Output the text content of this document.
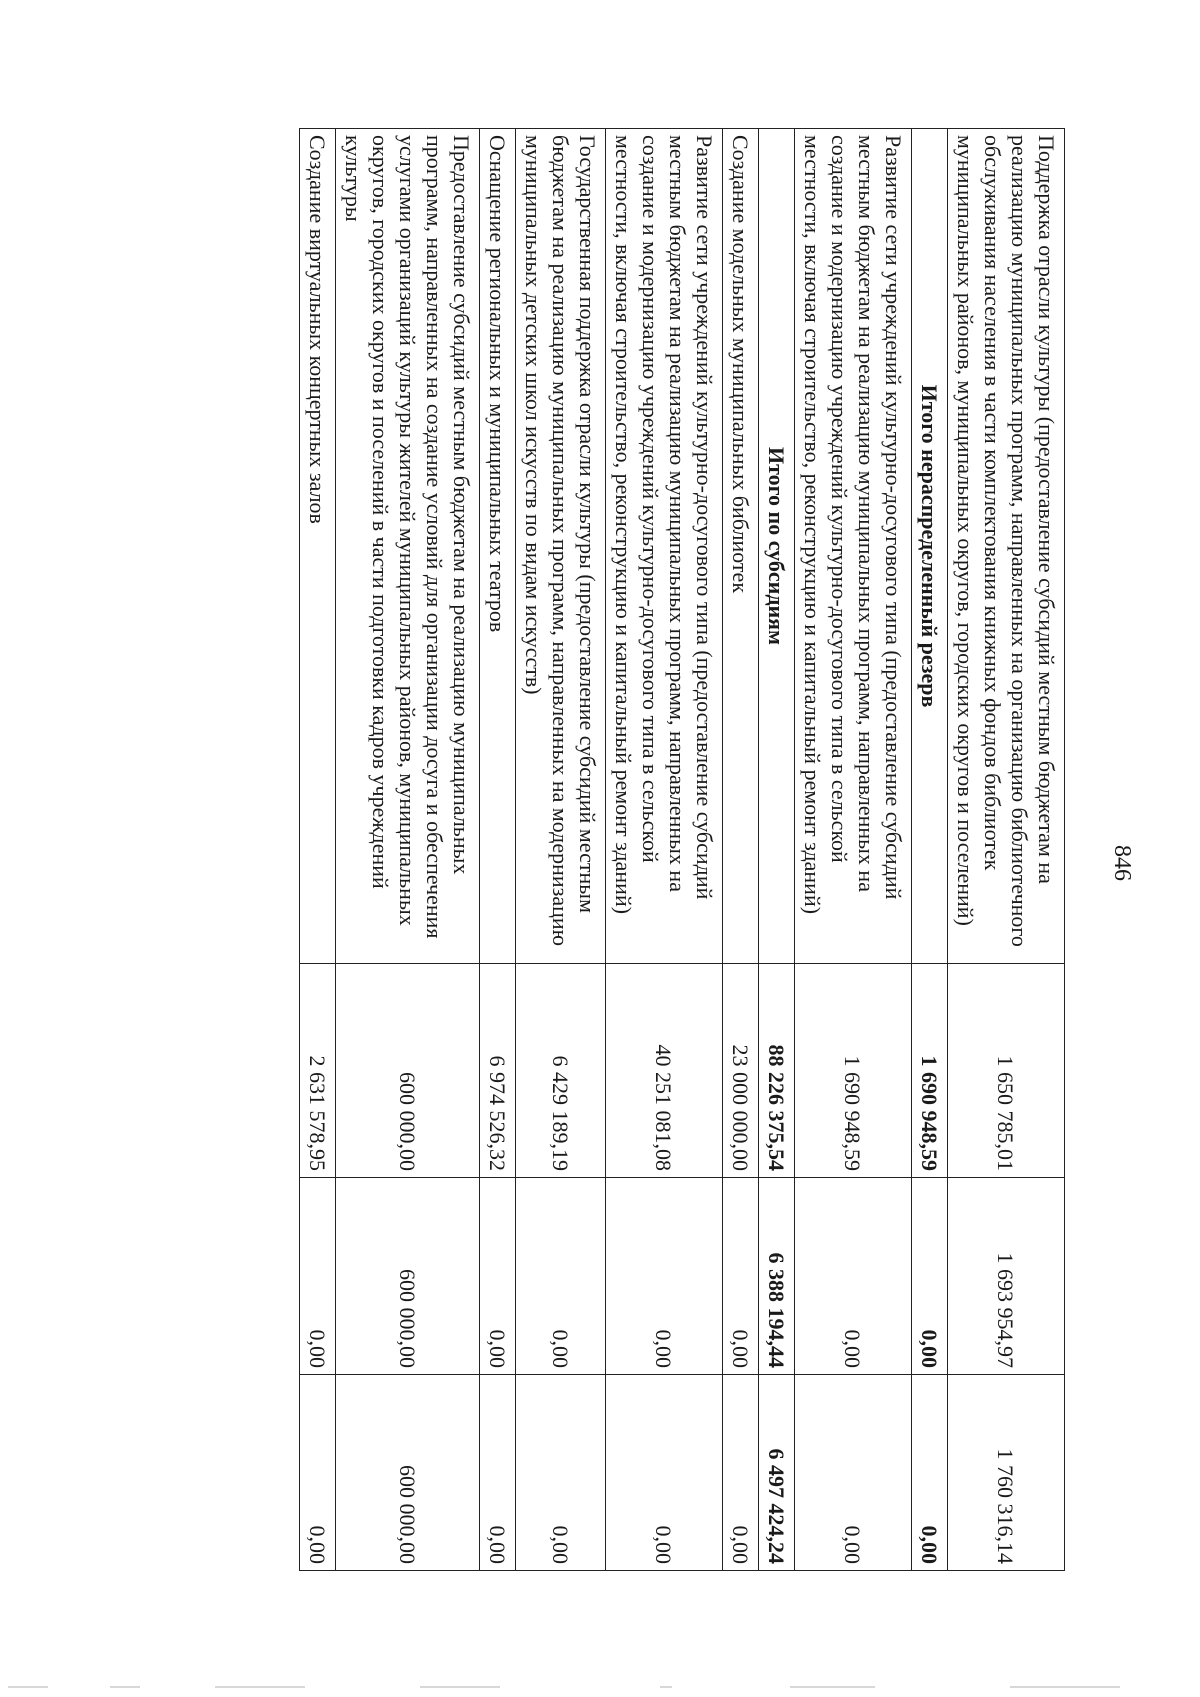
846
Поддержка отрасли культуры (предоставление субсидий местным бюджетам на реализацию муниципальных программ, направленных на организацию библиотечного обслуживания населения в части комплектования книжных фондов библиотек муниципальных районов, муниципальных округов, городских округов и поселений)	1 650 785,01	1 693 954,97	1 760 316,14
Итого нераспределенный резерв	1 690 948,59	0,00	0,00
Развитие сети учреждений культурно-досугового типа (предоставление субсидий местным бюджетам на реализацию муниципальных программ, направленных на создание и модернизацию учреждений культурно-досугового типа в сельской местности, включая строительство, реконструкцию и капитальный ремонт зданий)	1 690 948,59	0,00	0,00
Итого по субсидиям	88 226 375,54	6 388 194,44	6 497 424,24
Создание модельных муниципальных библиотек	23 000 000,00	0,00	0,00
Развитие сети учреждений культурно-досугового типа (предоставление субсидий местным бюджетам на реализацию муниципальных программ, направленных на создание и модернизацию учреждений культурно-досугового типа в сельской местности, включая строительство, реконструкцию и капитальный ремонт зданий)	40 251 081,08	0,00	0,00
Государственная поддержка отрасли культуры (предоставление субсидий местным бюджетам на реализацию муниципальных программ, направленных на модернизацию муниципальных детских школ искусств по видам искусств)	6 429 189,19	0,00	0,00
Оснащение региональных и муниципальных театров	6 974 526,32	0,00	0,00
Предоставление субсидий местным бюджетам на реализацию муниципальных программ, направленных на создание условий для организации досуга и обеспечения услугами организаций культуры жителей муниципальных районов, муниципальных округов, городских округов и поселений в части подготовки кадров учреждений культуры	600 000,00	600 000,00	600 000,00
Создание виртуальных концертных залов	2 631 578,95	0,00	0,00
